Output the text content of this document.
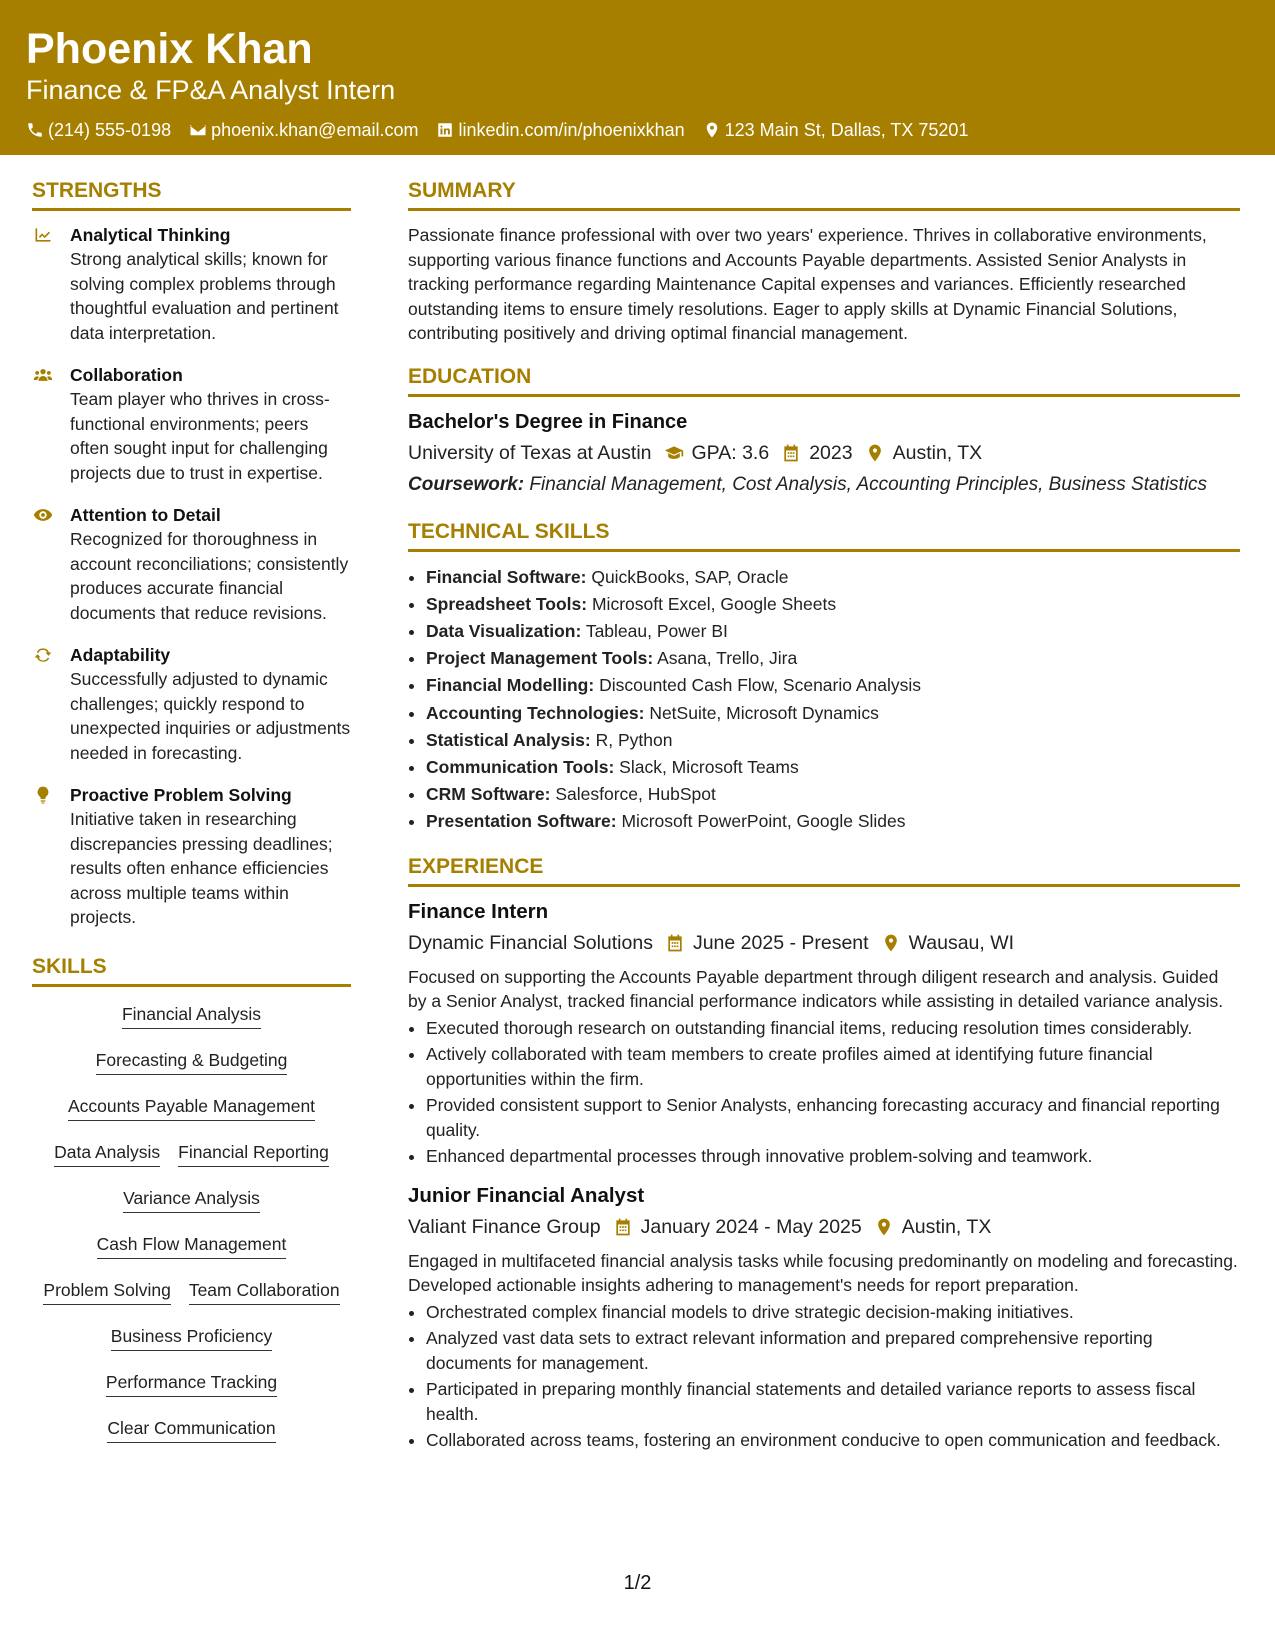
Phoenix Khan
Finance & FP&A Analyst Intern
(214) 555-0198 phoenix.khan@email.com linkedin.com/in/phoenixkhan 123 Main St, Dallas, TX 75201
STRENGTHS
Analytical Thinking
Strong analytical skills; known for solving complex problems through thoughtful evaluation and pertinent data interpretation.
Collaboration
Team player who thrives in cross-functional environments; peers often sought input for challenging projects due to trust in expertise.
Attention to Detail
Recognized for thoroughness in account reconciliations; consistently produces accurate financial documents that reduce revisions.
Adaptability
Successfully adjusted to dynamic challenges; quickly respond to unexpected inquiries or adjustments needed in forecasting.
Proactive Problem Solving
Initiative taken in researching discrepancies pressing deadlines; results often enhance efficiencies across multiple teams within projects.
SKILLS
Financial Analysis
Forecasting & Budgeting
Accounts Payable Management
Data Analysis Financial Reporting
Variance Analysis
Cash Flow Management
Problem Solving Team Collaboration
Business Proficiency
Performance Tracking
Clear Communication
SUMMARY

Passionate finance professional with over two years' experience. Thrives in collaborative environments, supporting various finance functions and Accounts Payable departments. Assisted Senior Analysts in tracking performance regarding Maintenance Capital expenses and variances. Efficiently researched outstanding items to ensure timely resolutions. Eager to apply skills at Dynamic Financial Solutions, contributing positively and driving optimal financial management.

EDUCATION
Bachelor's Degree in Finance
University of Texas at Austin GPA: 3.6 2023 Austin, TX
Coursework: Financial Management, Cost Analysis, Accounting Principles, Business Statistics
TECHNICAL SKILLS
• Financial Software: QuickBooks, SAP, Oracle
• Spreadsheet Tools: Microsoft Excel, Google Sheets
• Data Visualization: Tableau, Power BI
• Project Management Tools: Asana, Trello, Jira
• Financial Modelling: Discounted Cash Flow, Scenario Analysis
• Accounting Technologies: NetSuite, Microsoft Dynamics
• Statistical Analysis: R, Python
• Communication Tools: Slack, Microsoft Teams
• CRM Software: Salesforce, HubSpot
• Presentation Software: Microsoft PowerPoint, Google Slides
EXPERIENCE
Finance Intern
Dynamic Financial Solutions June 2025 - Present Wausau, WI
Focused on supporting the Accounts Payable department through diligent research and analysis. Guided by a Senior Analyst, tracked financial performance indicators while assisting in detailed variance analysis.
• Executed thorough research on outstanding financial items, reducing resolution times considerably.
• Actively collaborated with team members to create profiles aimed at identifying future financial opportunities within the firm.
• Provided consistent support to Senior Analysts, enhancing forecasting accuracy and financial reporting quality.
• Enhanced departmental processes through innovative problem-solving and teamwork.
Junior Financial Analyst
Valiant Finance Group January 2024 - May 2025 Austin, TX
Engaged in multifaceted financial analysis tasks while focusing predominantly on modeling and forecasting. Developed actionable insights adhering to management's needs for report preparation.
• Orchestrated complex financial models to drive strategic decision-making initiatives.
• Analyzed vast data sets to extract relevant information and prepared comprehensive reporting documents for management.
• Participated in preparing monthly financial statements and detailed variance reports to assess fiscal health.
• Collaborated across teams, fostering an environment conducive to open communication and feedback.
1/2
